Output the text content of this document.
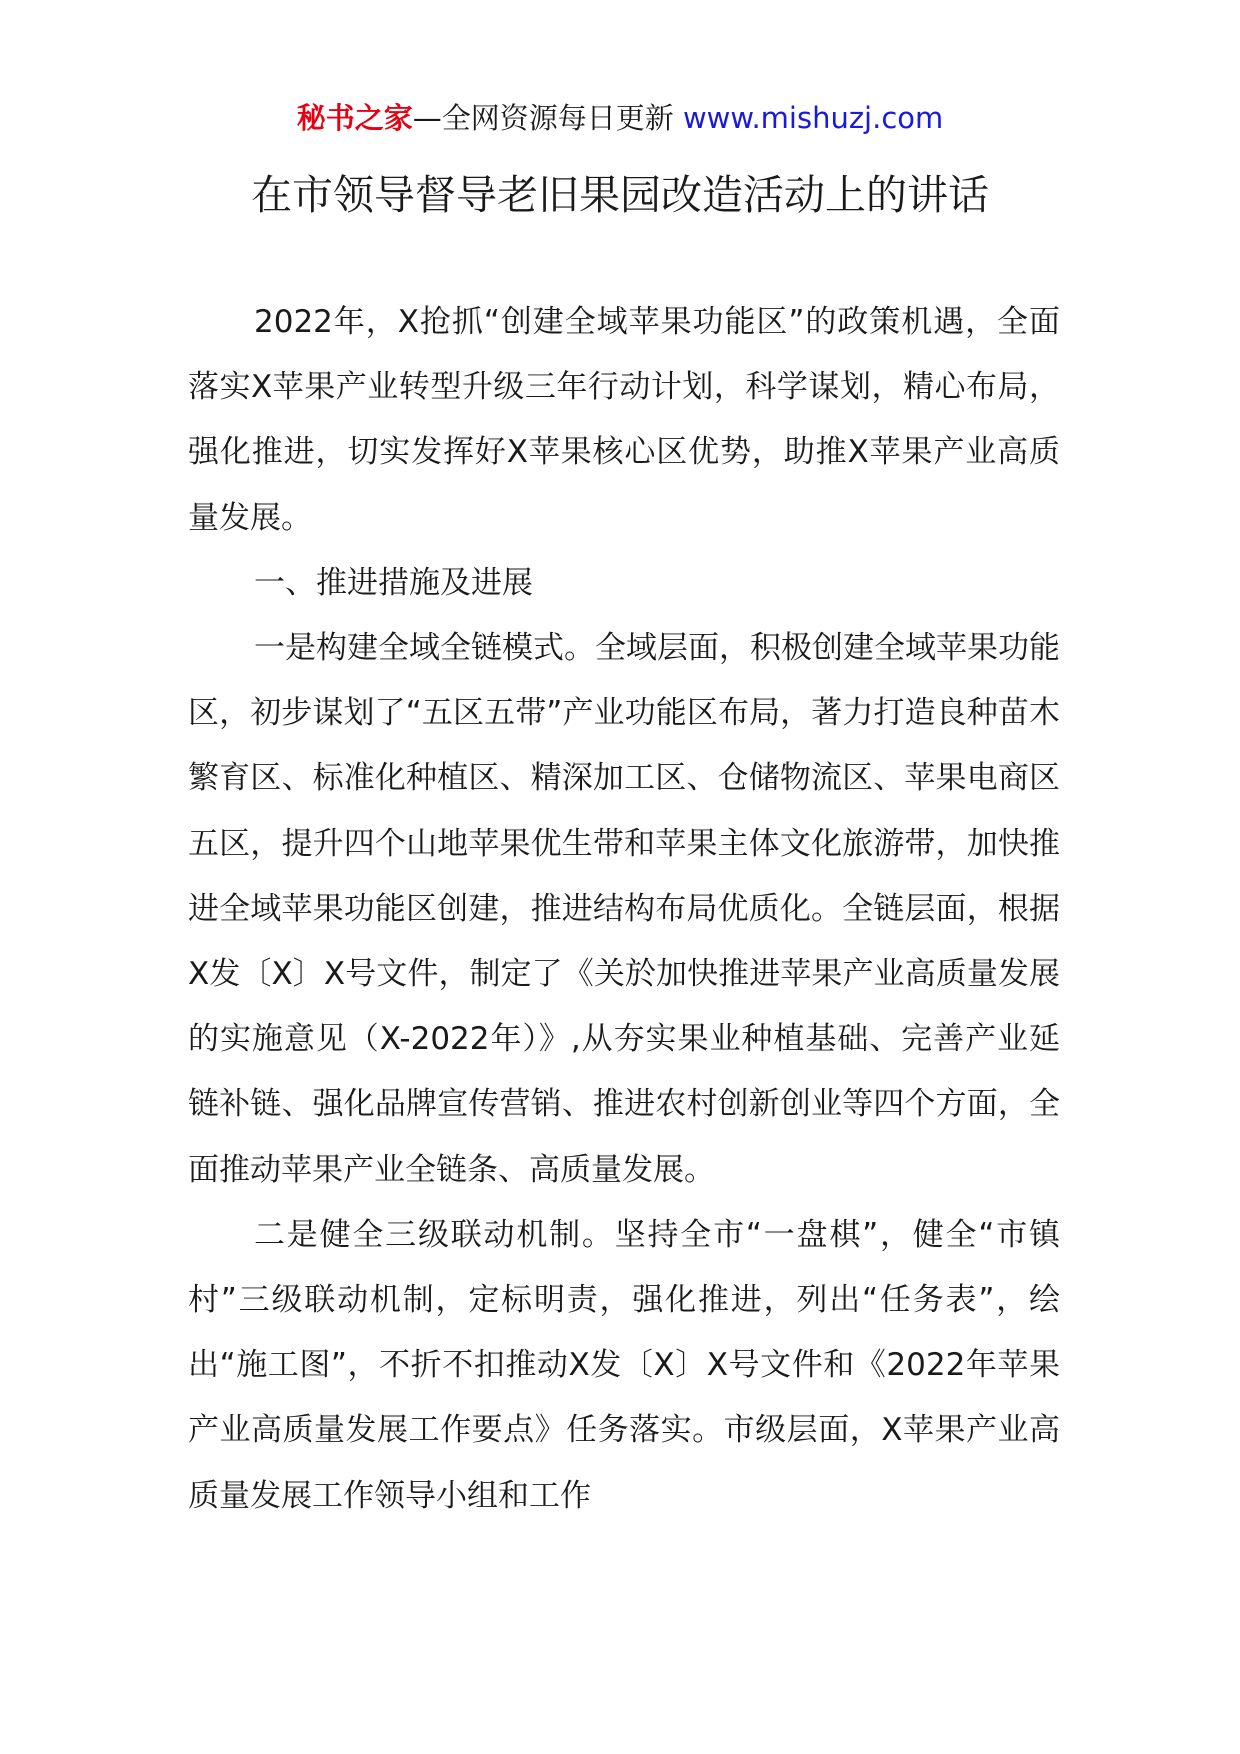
秘书之家—全网资源每日更新 www.mishuzj.com
在市领导督导老旧果园改造活动上的讲话

2022年，X抢抓“创建全域苹果功能区”的政策机遇，全面落实X苹果产业转型升级三年行动计划，科学谋划，精心布局，强化推进，切实发挥好X苹果核心区优势，助推X苹果产业高质量发展。

一、推进措施及进展

一是构建全域全链模式。全域层面，积极创建全域苹果功能区，初步谋划了“五区五带”产业功能区布局，著力打造良种苗木繁育区、标准化种植区、精深加工区、仓储物流区、苹果电商区五区，提升四个山地苹果优生带和苹果主体文化旅游带，加快推进全域苹果功能区创建，推进结构布局优质化。全链层面，根据X发〔X〕X号文件，制定了《关於加快推进苹果产业高质量发展的实施意见（X-2022年）》,从夯实果业种植基础、完善产业延链补链、强化品牌宣传营销、推进农村创新创业等四个方面，全面推动苹果产业全链条、高质量发展。

二是健全三级联动机制。坚持全市“一盘棋”，健全“市镇村”三级联动机制，定标明责，强化推进，列出“任务表”，绘出“施工图”，不折不扣推动X发〔X〕X号文件和《2022年苹果产业高质量发展工作要点》任务落实。市级层面，X苹果产业高质量发展工作领导小组和工作
